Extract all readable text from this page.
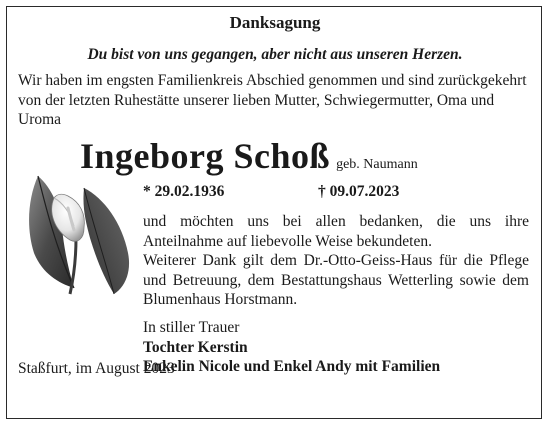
Danksagung
Du bist von uns gegangen, aber nicht aus unseren Herzen.
Wir haben im engsten Familienkreis Abschied genommen und sind zurückgekehrt von der letzten Ruhestätte unserer lieben Mutter, Schwiegermutter, Oma und Uroma
Ingeborg Schoß geb. Naumann
* 29.02.1936	† 09.07.2023

und möchten uns bei allen bedanken, die uns ihre Anteilnahme auf liebevolle Weise bekundeten.

Weiterer Dank gilt dem Dr.-Otto-Geiss-Haus für die Pflege und Betreuung, dem Bestattungshaus Wetterling sowie dem Blumenhaus Horstmann.

In stiller Trauer
Tochter Kerstin
Enkelin Nicole und Enkel Andy mit Familien
Staßfurt, im August 2023
